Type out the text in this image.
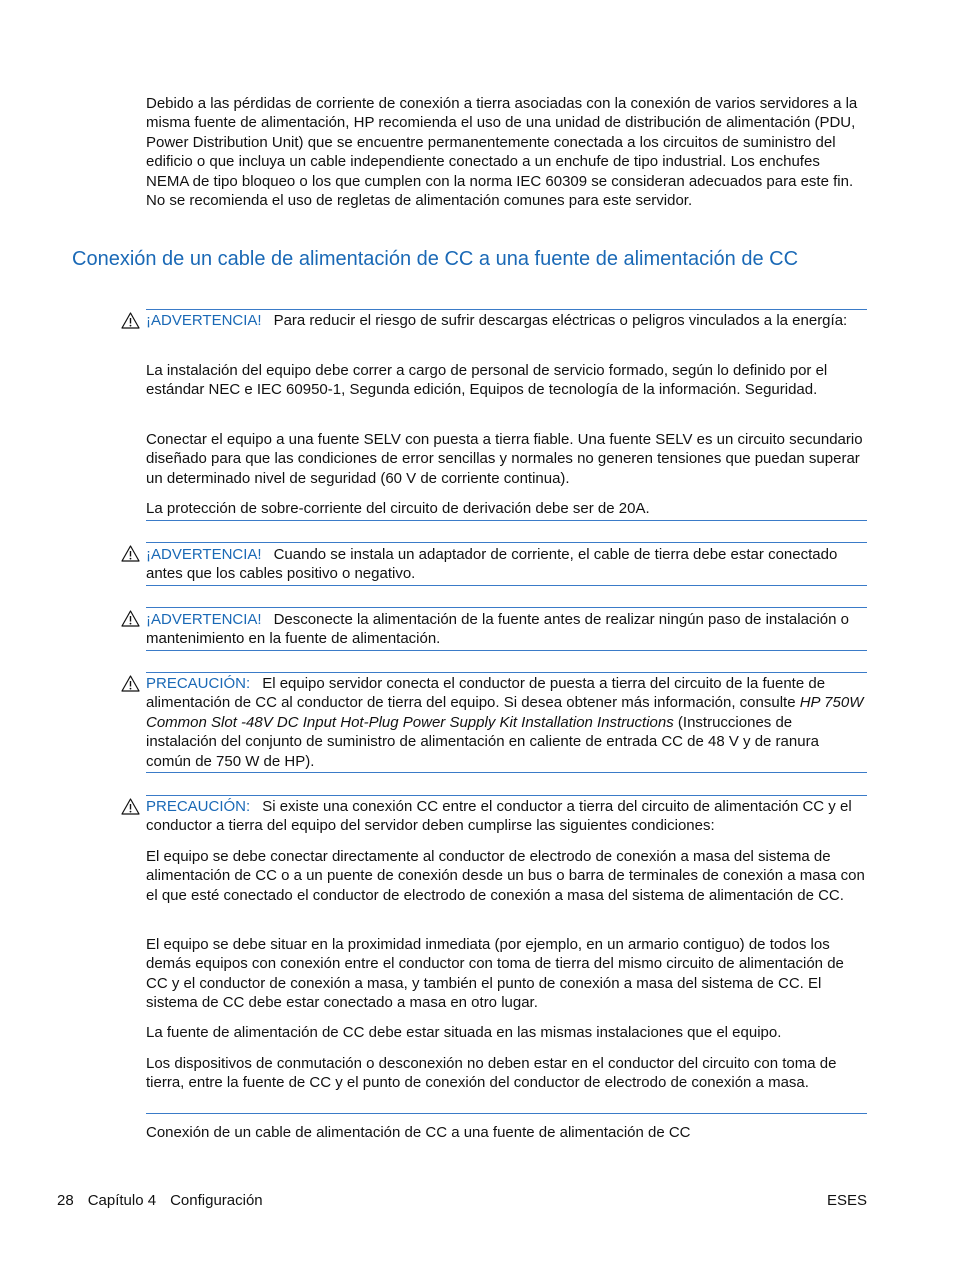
Debido a las pérdidas de corriente de conexión a tierra asociadas con la conexión de varios servidores a la misma fuente de alimentación, HP recomienda el uso de una unidad de distribución de alimentación (PDU, Power Distribution Unit) que se encuentre permanentemente conectada a los circuitos de suministro del edificio o que incluya un cable independiente conectado a un enchufe de tipo industrial. Los enchufes NEMA de tipo bloqueo o los que cumplen con la norma IEC 60309 se consideran adecuados para este fin. No se recomienda el uso de regletas de alimentación comunes para este servidor.

Conexión de un cable de alimentación de CC a una fuente de alimentación de CC

¡ADVERTENCIA! Para reducir el riesgo de sufrir descargas eléctricas o peligros vinculados a la energía:

La instalación del equipo debe correr a cargo de personal de servicio formado, según lo definido por el estándar NEC e IEC 60950-1, Segunda edición, Equipos de tecnología de la información. Seguridad.

Conectar el equipo a una fuente SELV con puesta a tierra fiable. Una fuente SELV es un circuito secundario diseñado para que las condiciones de error sencillas y normales no generen tensiones que puedan superar un determinado nivel de seguridad (60 V de corriente continua).

La protección de sobre-corriente del circuito de derivación debe ser de 20A.

¡ADVERTENCIA! Cuando se instala un adaptador de corriente, el cable de tierra debe estar conectado antes que los cables positivo o negativo.

¡ADVERTENCIA! Desconecte la alimentación de la fuente antes de realizar ningún paso de instalación o mantenimiento en la fuente de alimentación.

PRECAUCIÓN: El equipo servidor conecta el conductor de puesta a tierra del circuito de la fuente de alimentación de CC al conductor de tierra del equipo. Si desea obtener más información, consulte HP 750W Common Slot -48V DC Input Hot-Plug Power Supply Kit Installation Instructions (Instrucciones de instalación del conjunto de suministro de alimentación en caliente de entrada CC de 48 V y de ranura común de 750 W de HP).

PRECAUCIÓN: Si existe una conexión CC entre el conductor a tierra del circuito de alimentación CC y el conductor a tierra del equipo del servidor deben cumplirse las siguientes condiciones:

El equipo se debe conectar directamente al conductor de electrodo de conexión a masa del sistema de alimentación de CC o a un puente de conexión desde un bus o barra de terminales de conexión a masa con el que esté conectado el conductor de electrodo de conexión a masa del sistema de alimentación de CC.

El equipo se debe situar en la proximidad inmediata (por ejemplo, en un armario contiguo) de todos los demás equipos con conexión entre el conductor con toma de tierra del mismo circuito de alimentación de CC y el conductor de conexión a masa, y también el punto de conexión a masa del sistema de CC. El sistema de CC debe estar conectado a masa en otro lugar.

La fuente de alimentación de CC debe estar situada en las mismas instalaciones que el equipo.

Los dispositivos de conmutación o desconexión no deben estar en el conductor del circuito con toma de tierra, entre la fuente de CC y el punto de conexión del conductor de electrodo de conexión a masa.

Conexión de un cable de alimentación de CC a una fuente de alimentación de CC

28 Capítulo 4 Configuración	ESES
